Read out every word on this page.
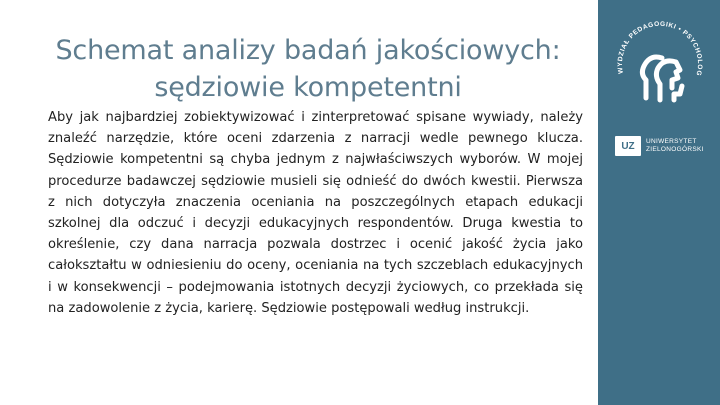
Schemat analizy badań jakościowych:
sędziowie kompetentni
Aby jak najbardziej zobiektywizować i zinterpretować spisane wywiady, należy znaleźć narzędzie, które oceni zdarzenia z narracji wedle pewnego klucza. Sędziowie kompetentni są chyba jednym z najwłaściwszych wyborów. W mojej procedurze badawczej sędziowie musieli się odnieść do dwóch kwestii. Pierwsza z nich dotyczyła znaczenia oceniania na poszczególnych etapach edukacji szkolnej dla odczuć i decyzji edukacyjnych respondentów. Druga kwestia to określenie, czy dana narracja pozwala dostrzec i ocenić jakość życia jako całokształtu w odniesieniu do oceny, oceniania na tych szczeblach edukacyjnych i w konsekwencji – podejmowania istotnych decyzji życiowych, co przekłada się na zadowolenie z życia, karierę. Sędziowie postępowali według instrukcji.
WYDZIAŁ PEDAGOGIKI • PSYCHOLOG
UZ	UNIWERSYTET
ZIELONOGÓRSKI
